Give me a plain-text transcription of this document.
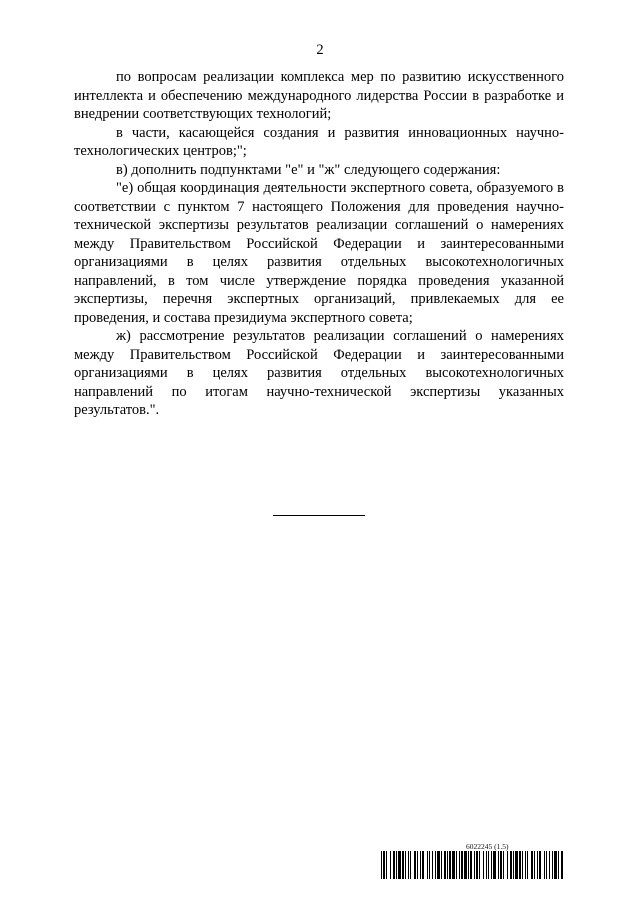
2

по вопросам реализации комплекса мер по развитию искусственного интеллекта и обеспечению международного лидерства России в разработке и внедрении соответствующих технологий;

в части, касающейся создания и развития инновационных научно-технологических центров;";

в) дополнить подпунктами "е" и "ж" следующего содержания:

"е) общая координация деятельности экспертного совета, образуемого в соответствии с пунктом 7 настоящего Положения для проведения научно-технической экспертизы результатов реализации соглашений о намерениях между Правительством Российской Федерации и заинтересованными организациями в целях развития отдельных высокотехнологичных направлений, в том числе утверждение порядка проведения указанной экспертизы, перечня экспертных организаций, привлекаемых для ее проведения, и состава президиума экспертного совета;

ж) рассмотрение результатов реализации соглашений о намерениях между Правительством Российской Федерации и заинтересованными организациями в целях развития отдельных высокотехнологичных направлений по итогам научно-технической экспертизы указанных результатов.".

6022245 (1.5)
